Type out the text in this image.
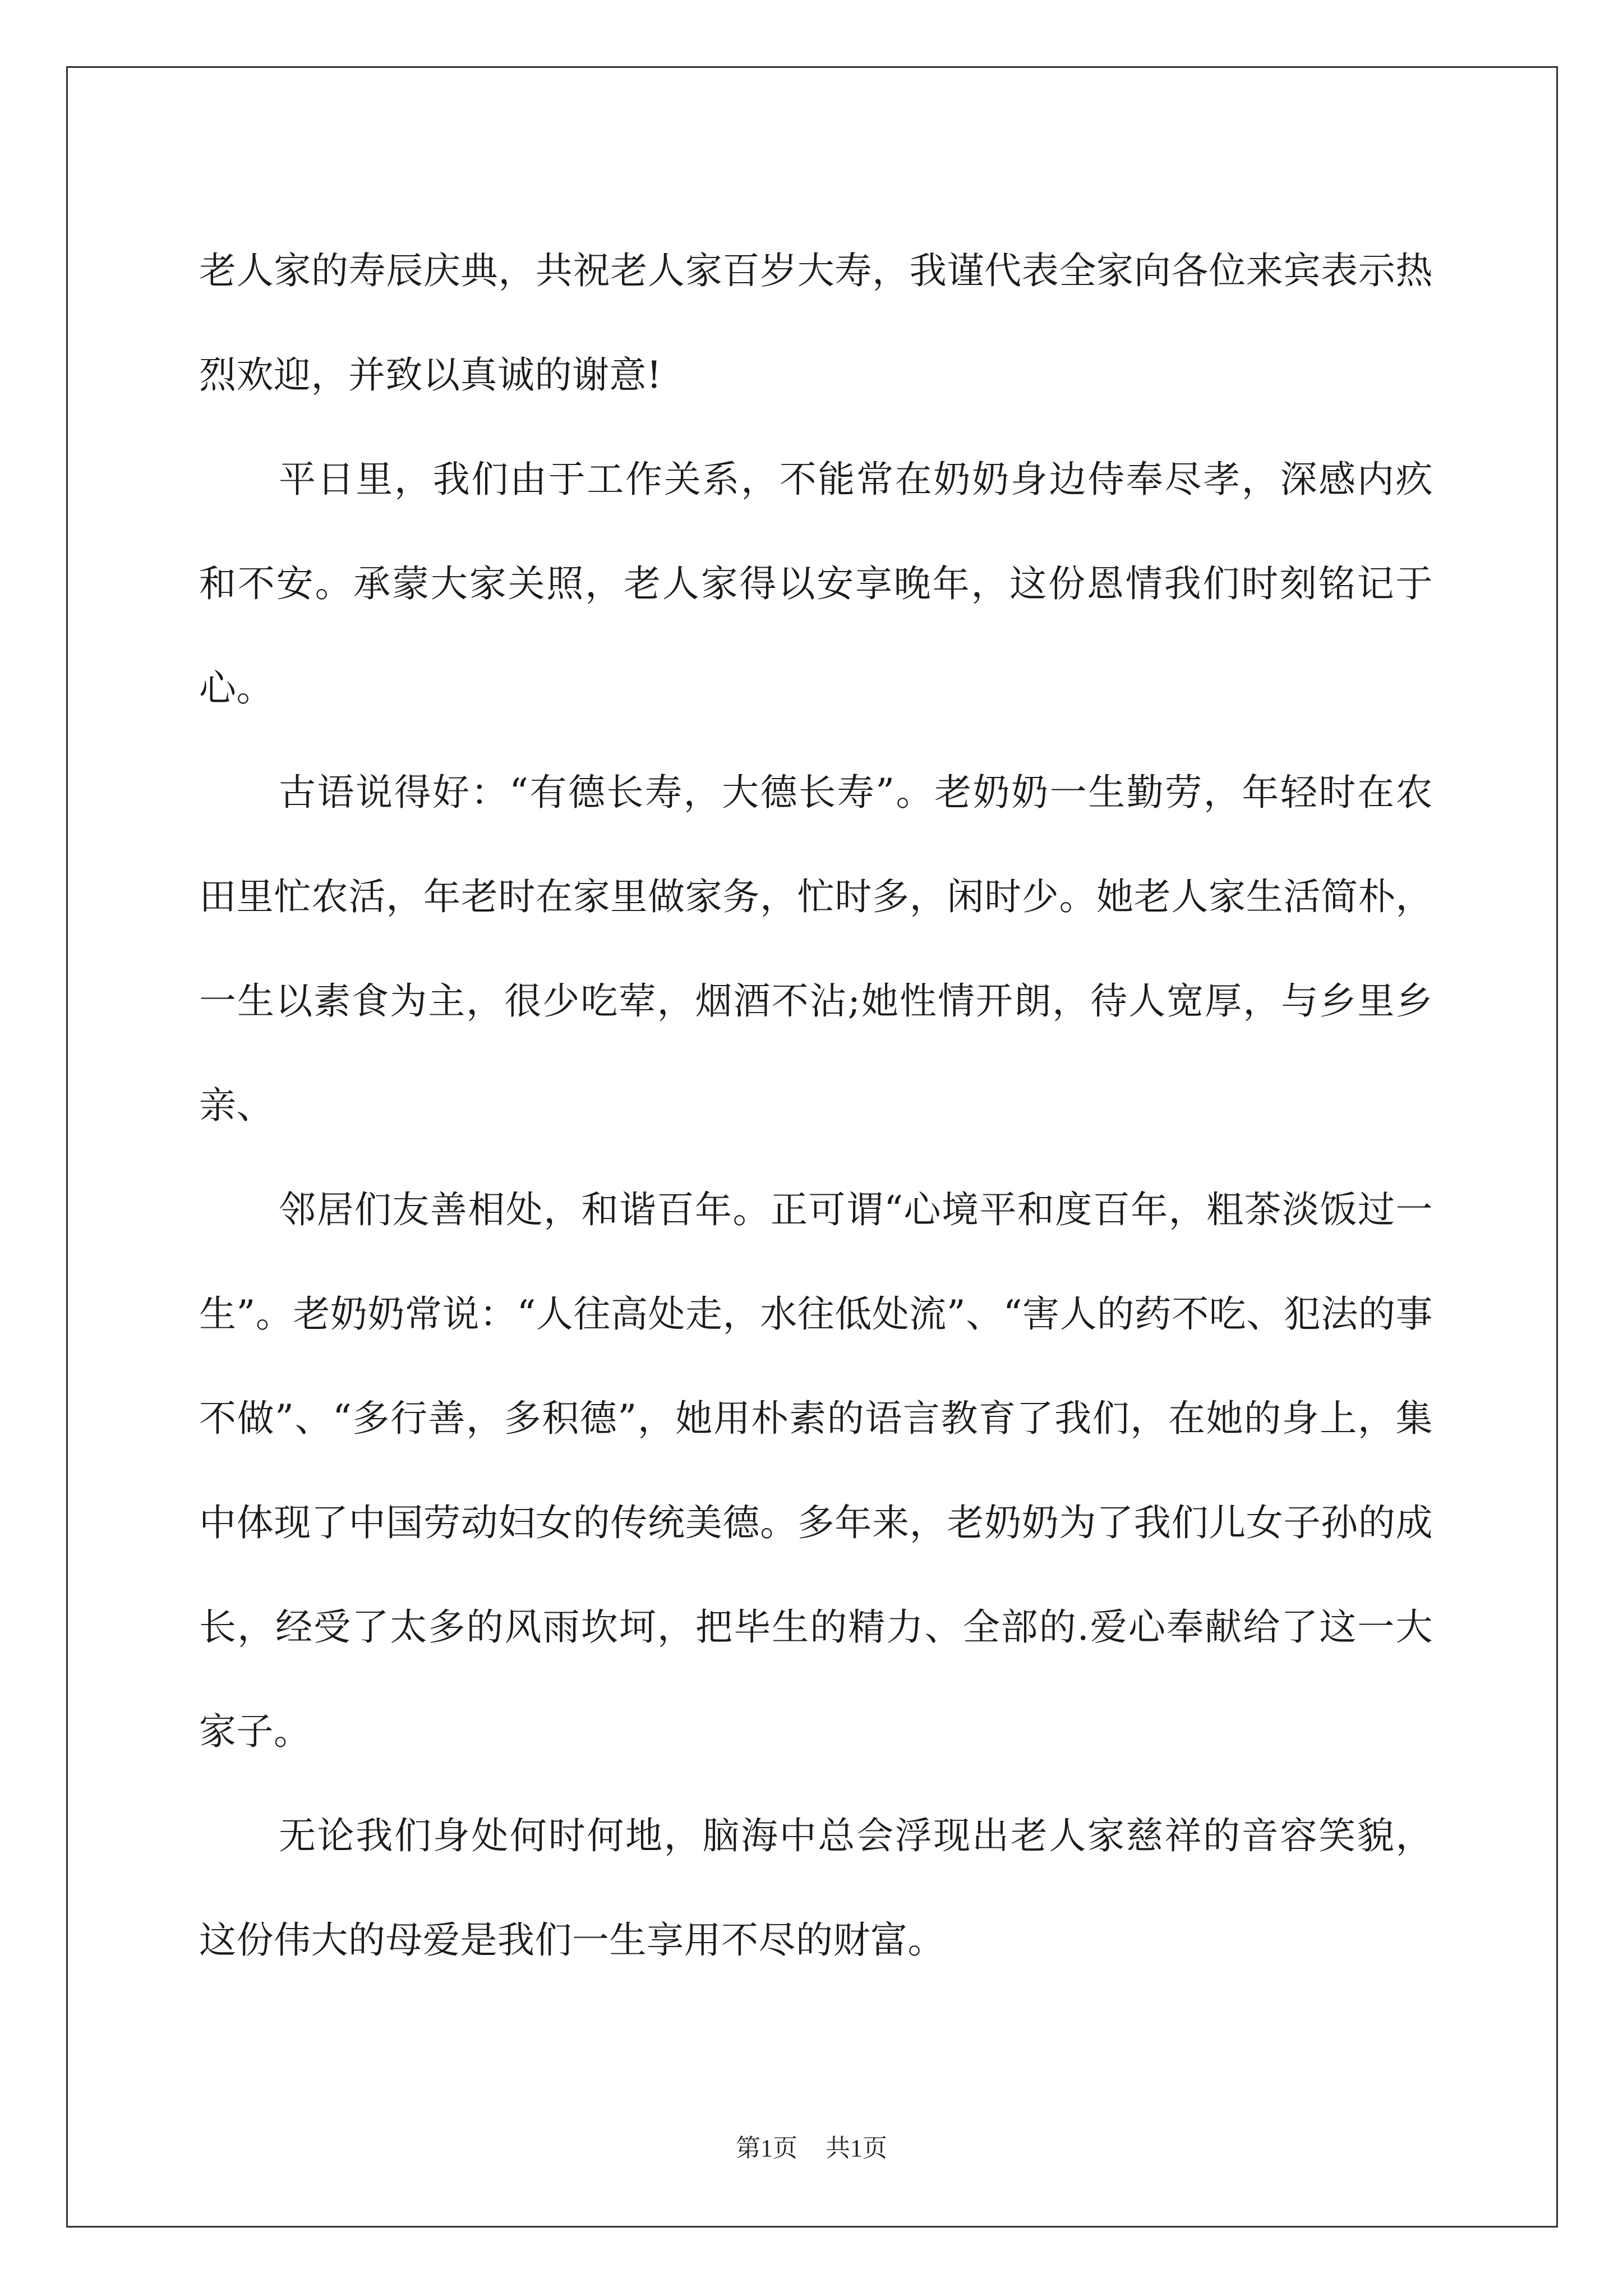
老人家的寿辰庆典，共祝老人家百岁大寿，我谨代表全家向各位来宾表示热烈欢迎，并致以真诚的谢意!

平日里，我们由于工作关系，不能常在奶奶身边侍奉尽孝，深感内疚和不安。承蒙大家关照，老人家得以安享晚年，这份恩情我们时刻铭记于心。

古语说得好：“有德长寿，大德长寿”。老奶奶一生勤劳，年轻时在农田里忙农活，年老时在家里做家务，忙时多，闲时少。她老人家生活简朴，一生以素食为主，很少吃荤，烟酒不沾;她性情开朗，待人宽厚，与乡里乡亲、

邻居们友善相处，和谐百年。正可谓“心境平和度百年，粗茶淡饭过一生”。老奶奶常说：“人往高处走，水往低处流”、“害人的药不吃、犯法的事不做”、“多行善，多积德”，她用朴素的语言教育了我们，在她的身上，集中体现了中国劳动妇女的传统美德。多年来，老奶奶为了我们儿女子孙的成长，经受了太多的风雨坎坷，把毕生的精力、全部的.爱心奉献给了这一大家子。

无论我们身处何时何地，脑海中总会浮现出老人家慈祥的音容笑貌，这份伟大的母爱是我们一生享用不尽的财富。

第1页 共1页
